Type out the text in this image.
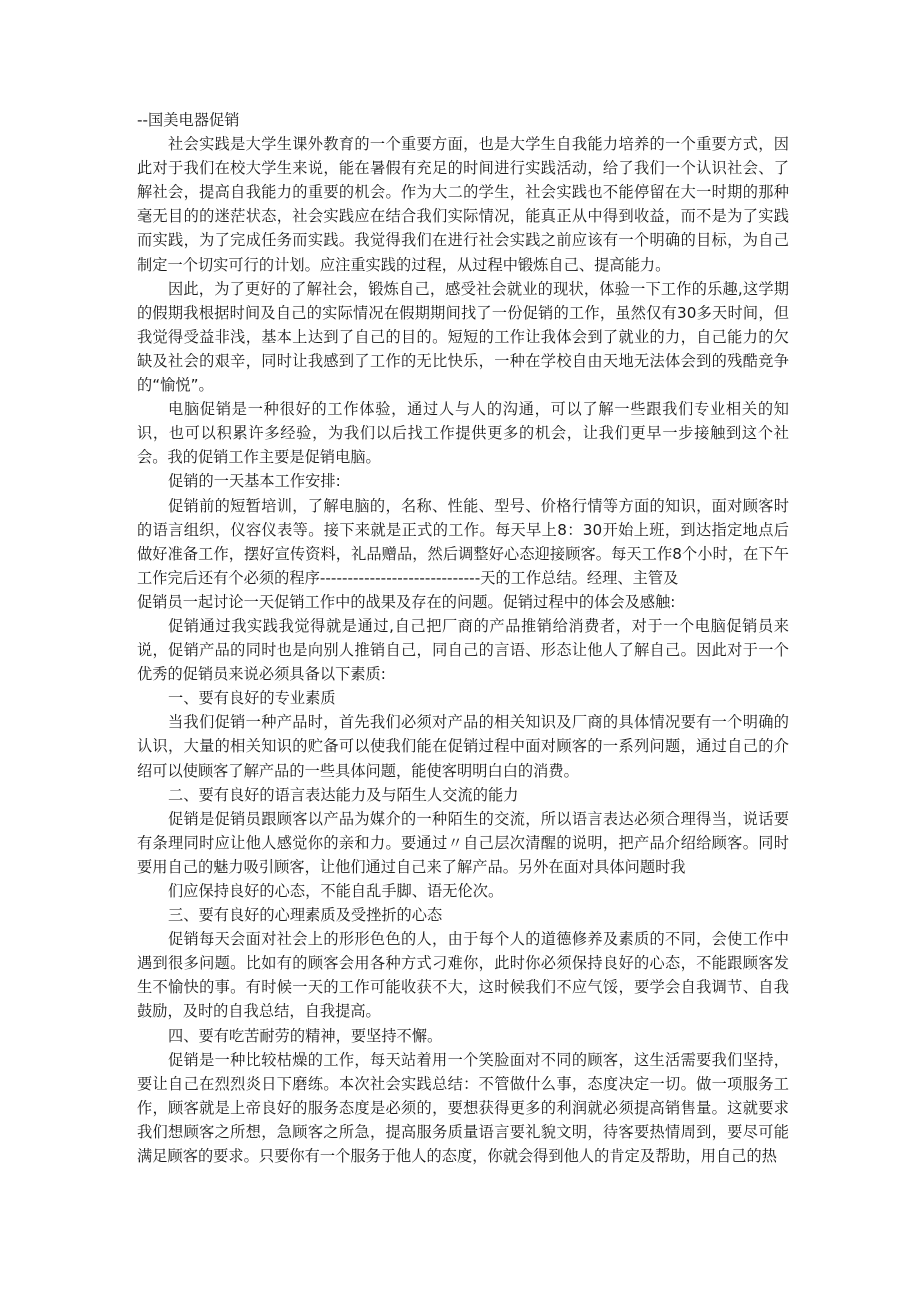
--国美电器促销

社会实践是大学生课外教育的一个重要方面，也是大学生自我能力培养的一个重要方式，因此对于我们在校大学生来说，能在暑假有充足的时间进行实践活动，给了我们一个认识社会、了解社会，提高自我能力的重要的机会。作为大二的学生，社会实践也不能停留在大一时期的那种毫无目的的迷茫状态，社会实践应在结合我们实际情况，能真正从中得到收益，而不是为了实践而实践，为了完成任务而实践。我觉得我们在进行社会实践之前应该有一个明确的目标，为自己制定一个切实可行的计划。应注重实践的过程，从过程中锻炼自己、提高能力。

因此，为了更好的了解社会，锻炼自己，感受社会就业的现状，体验一下工作的乐趣,这学期的假期我根据时间及自己的实际情况在假期期间找了一份促销的工作，虽然仅有30多天时间，但我觉得受益非浅，基本上达到了自己的目的。短短的工作让我体会到了就业的力，自己能力的欠缺及社会的艰辛，同时让我感到了工作的无比快乐，一种在学校自由天地无法体会到的残酷竞争的“愉悦”。

电脑促销是一种很好的工作体验，通过人与人的沟通，可以了解一些跟我们专业相关的知识，也可以积累许多经验，为我们以后找工作提供更多的机会，让我们更早一步接触到这个社会。我的促销工作主要是促销电脑。

促销的一天基本工作安排:

促销前的短暂培训，了解电脑的，名称、性能、型号、价格行情等方面的知识，面对顾客时的语言组织，仪容仪表等。接下来就是正式的工作。每天早上8：30开始上班，到达指定地点后做好准备工作，摆好宣传资料，礼品赠品，然后调整好心态迎接顾客。每天工作8个小时，在下午工作完后还有个必须的程序-----------------------------天的工作总结。经理、主管及

促销员一起讨论一天促销工作中的战果及存在的问题。促销过程中的体会及感触:

促销通过我实践我觉得就是通过,自己把厂商的产品推销给消费者，对于一个电脑促销员来说，促销产品的同时也是向别人推销自己，同自己的言语、形态让他人了解自己。因此对于一个优秀的促销员来说必须具备以下素质:

一、要有良好的专业素质

当我们促销一种产品时，首先我们必须对产品的相关知识及厂商的具体情况要有一个明确的认识，大量的相关知识的贮备可以使我们能在促销过程中面对顾客的一系列问题，通过自己的介绍可以使顾客了解产品的一些具体问题，能使客明明白白的消费。

二、要有良好的语言表达能力及与陌生人交流的能力

促销是促销员跟顾客以产品为媒介的一种陌生的交流，所以语言表达必须合理得当，说话要有条理同时应让他人感觉你的亲和力。要通过〃自己层次清醒的说明，把产品介绍给顾客。同时要用自己的魅力吸引顾客，让他们通过自己来了解产品。另外在面对具体问题时我

们应保持良好的心态，不能自乱手脚、语无伦次。

三、要有良好的心理素质及受挫折的心态

促销每天会面对社会上的形形色色的人，由于每个人的道德修养及素质的不同，会使工作中遇到很多问题。比如有的顾客会用各种方式刁难你，此时你必须保持良好的心态，不能跟顾客发生不愉快的事。有时候一天的工作可能收获不大，这时候我们不应气馁，要学会自我调节、自我鼓励，及时的自我总结，自我提高。

四、要有吃苦耐劳的精神，要坚持不懈。

促销是一种比较枯燥的工作，每天站着用一个笑脸面对不同的顾客，这生活需要我们坚持，要让自己在烈烈炎日下磨练。本次社会实践总结：不管做什么事，态度决定一切。做一项服务工作，顾客就是上帝良好的服务态度是必须的，要想获得更多的利润就必须提高销售量。这就要求我们想顾客之所想，急顾客之所急，提高服务质量语言要礼貌文明，待客要热情周到，要尽可能满足顾客的要求。只要你有一个服务于他人的态度，你就会得到他人的肯定及帮助，用自己的热
